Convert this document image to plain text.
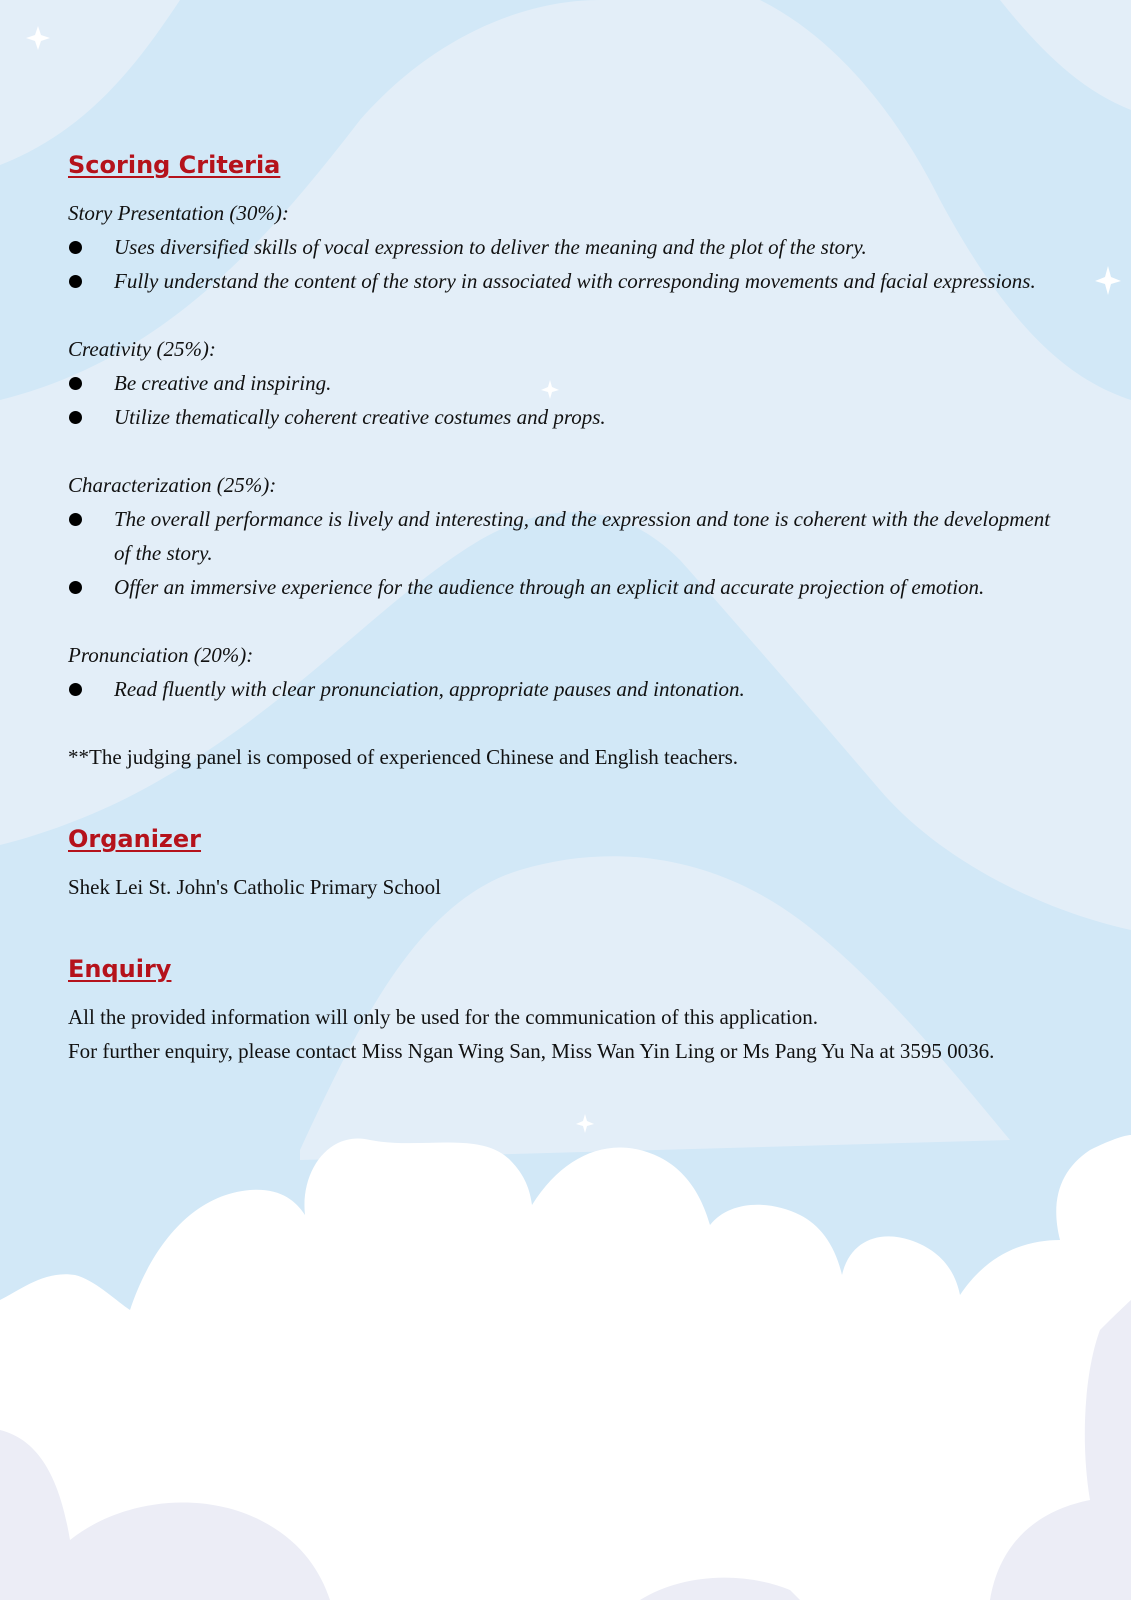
Scoring Criteria

Story Presentation (30%):

Uses diversified skills of vocal expression to deliver the meaning and the plot of the story.
Fully understand the content of the story in associated with corresponding movements and facial expressions.

Creativity (25%):

Be creative and inspiring.
Utilize thematically coherent creative costumes and props.

Characterization (25%):

The overall performance is lively and interesting, and the expression and tone is coherent with the development of the story.
Offer an immersive experience for the audience through an explicit and accurate projection of emotion.

Pronunciation (20%):

Read fluently with clear pronunciation, appropriate pauses and intonation.

**The judging panel is composed of experienced Chinese and English teachers.

Organizer

Shek Lei St. John's Catholic Primary School

Enquiry

All the provided information will only be used for the communication of this application.

For further enquiry, please contact Miss Ngan Wing San, Miss Wan Yin Ling or Ms Pang Yu Na at 3595 0036.
